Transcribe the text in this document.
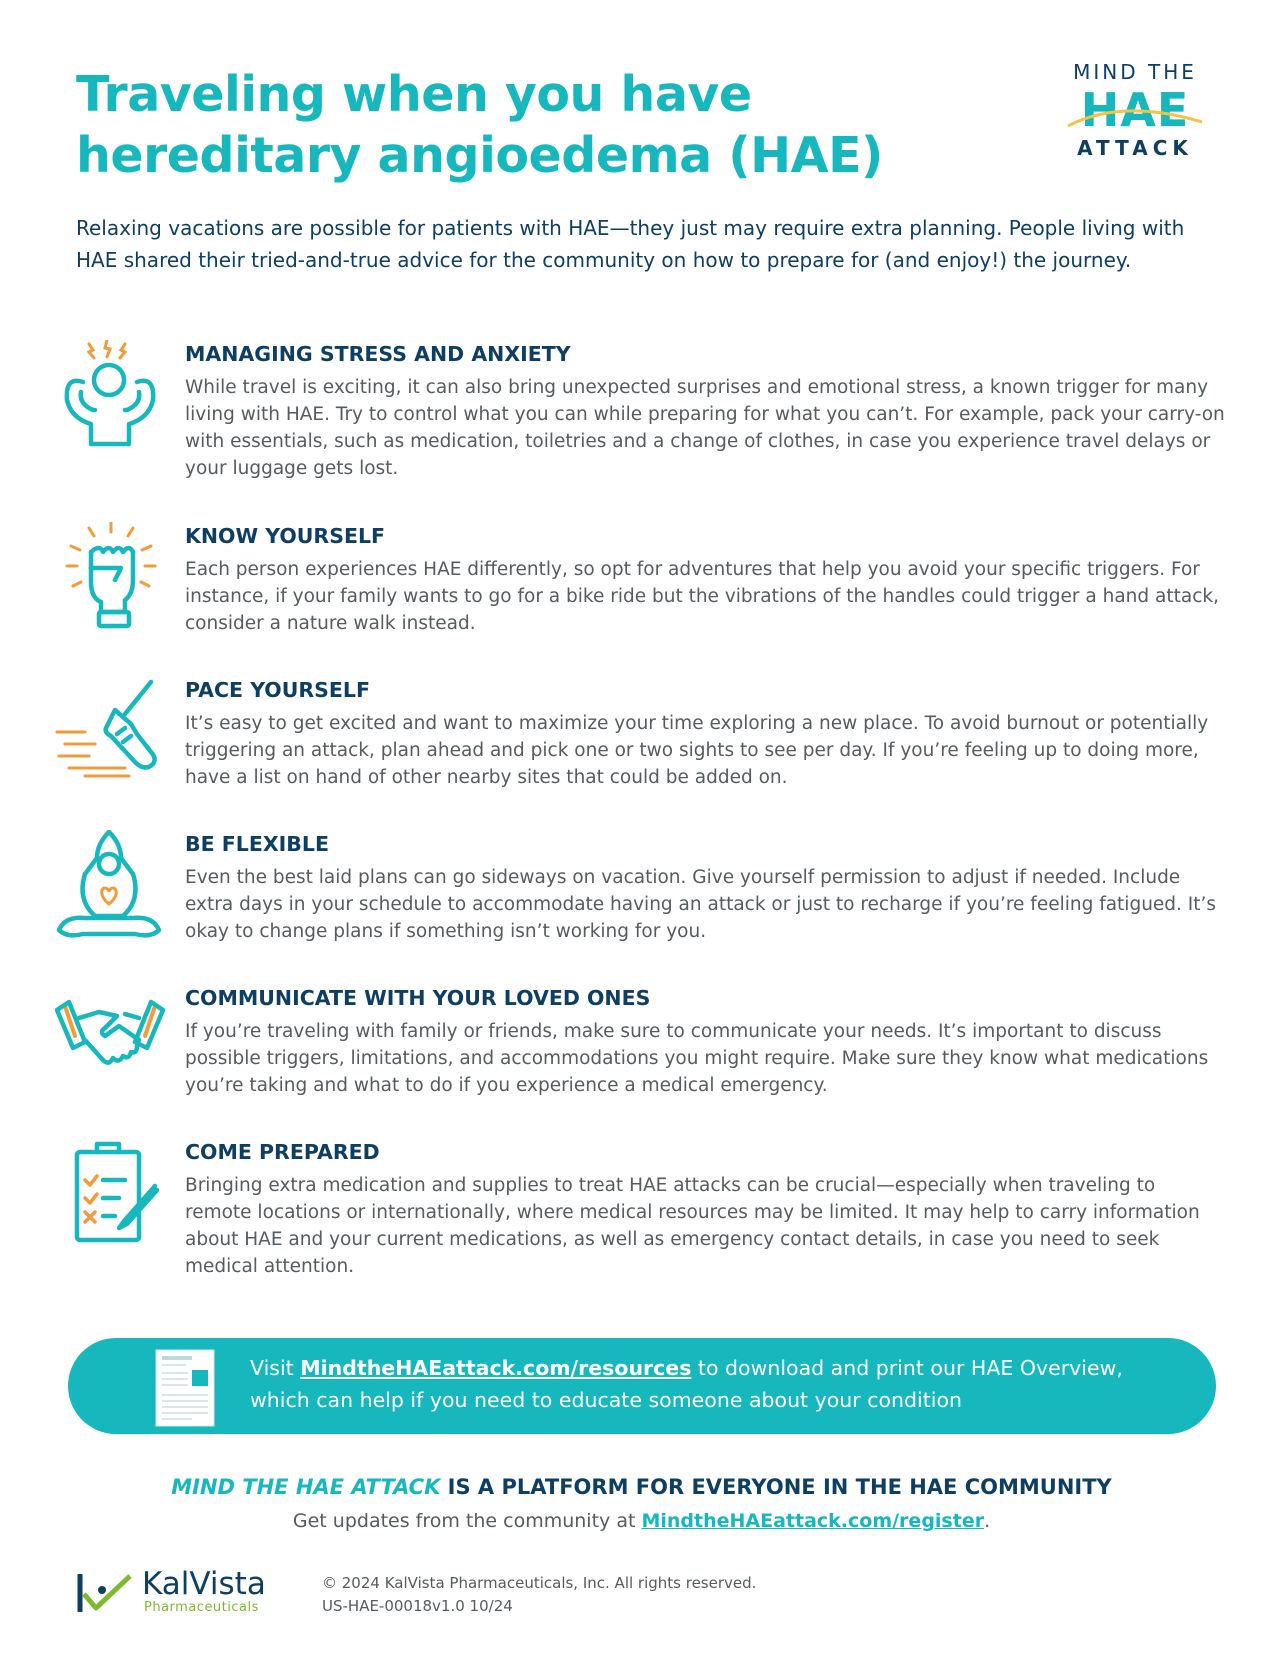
Traveling when you have
hereditary angioedema (HAE)
MIND THE
HAE
ATTACK

Relaxing vacations are possible for patients with HAE—they just may require extra planning. People living with HAE shared their tried-and-true advice for the community on how to prepare for (and enjoy!) the journey.

MANAGING STRESS AND ANXIETY

While travel is exciting, it can also bring unexpected surprises and emotional stress, a known trigger for many living with HAE. Try to control what you can while preparing for what you can’t. For example, pack your carry-on with essentials, such as medication, toiletries and a change of clothes, in case you experience travel delays or your luggage gets lost.

KNOW YOURSELF

Each person experiences HAE differently, so opt for adventures that help you avoid your specific triggers. For instance, if your family wants to go for a bike ride but the vibrations of the handles could trigger a hand attack, consider a nature walk instead.

PACE YOURSELF

It’s easy to get excited and want to maximize your time exploring a new place. To avoid burnout or potentially triggering an attack, plan ahead and pick one or two sights to see per day. If you’re feeling up to doing more, have a list on hand of other nearby sites that could be added on.

BE FLEXIBLE

Even the best laid plans can go sideways on vacation. Give yourself permission to adjust if needed. Include extra days in your schedule to accommodate having an attack or just to recharge if you’re feeling fatigued. It’s okay to change plans if something isn’t working for you.

COMMUNICATE WITH YOUR LOVED ONES

If you’re traveling with family or friends, make sure to communicate your needs. It’s important to discuss possible triggers, limitations, and accommodations you might require. Make sure they know what medications you’re taking and what to do if you experience a medical emergency.

COME PREPARED

Bringing extra medication and supplies to treat HAE attacks can be crucial—especially when traveling to remote locations or internationally, where medical resources may be limited. It may help to carry information about HAE and your current medications, as well as emergency contact details, in case you need to seek medical attention.

Visit MindtheHAEattack.com/resources to download and print our HAE Overview, which can help if you need to educate someone about your condition
MIND THE HAE ATTACK IS A PLATFORM FOR EVERYONE IN THE HAE COMMUNITY
Get updates from the community at MindtheHAEattack.com/register.
KalVista
Pharmaceuticals
© 2024 KalVista Pharmaceuticals, Inc. All rights reserved.
US-HAE-00018v1.0 10/24
